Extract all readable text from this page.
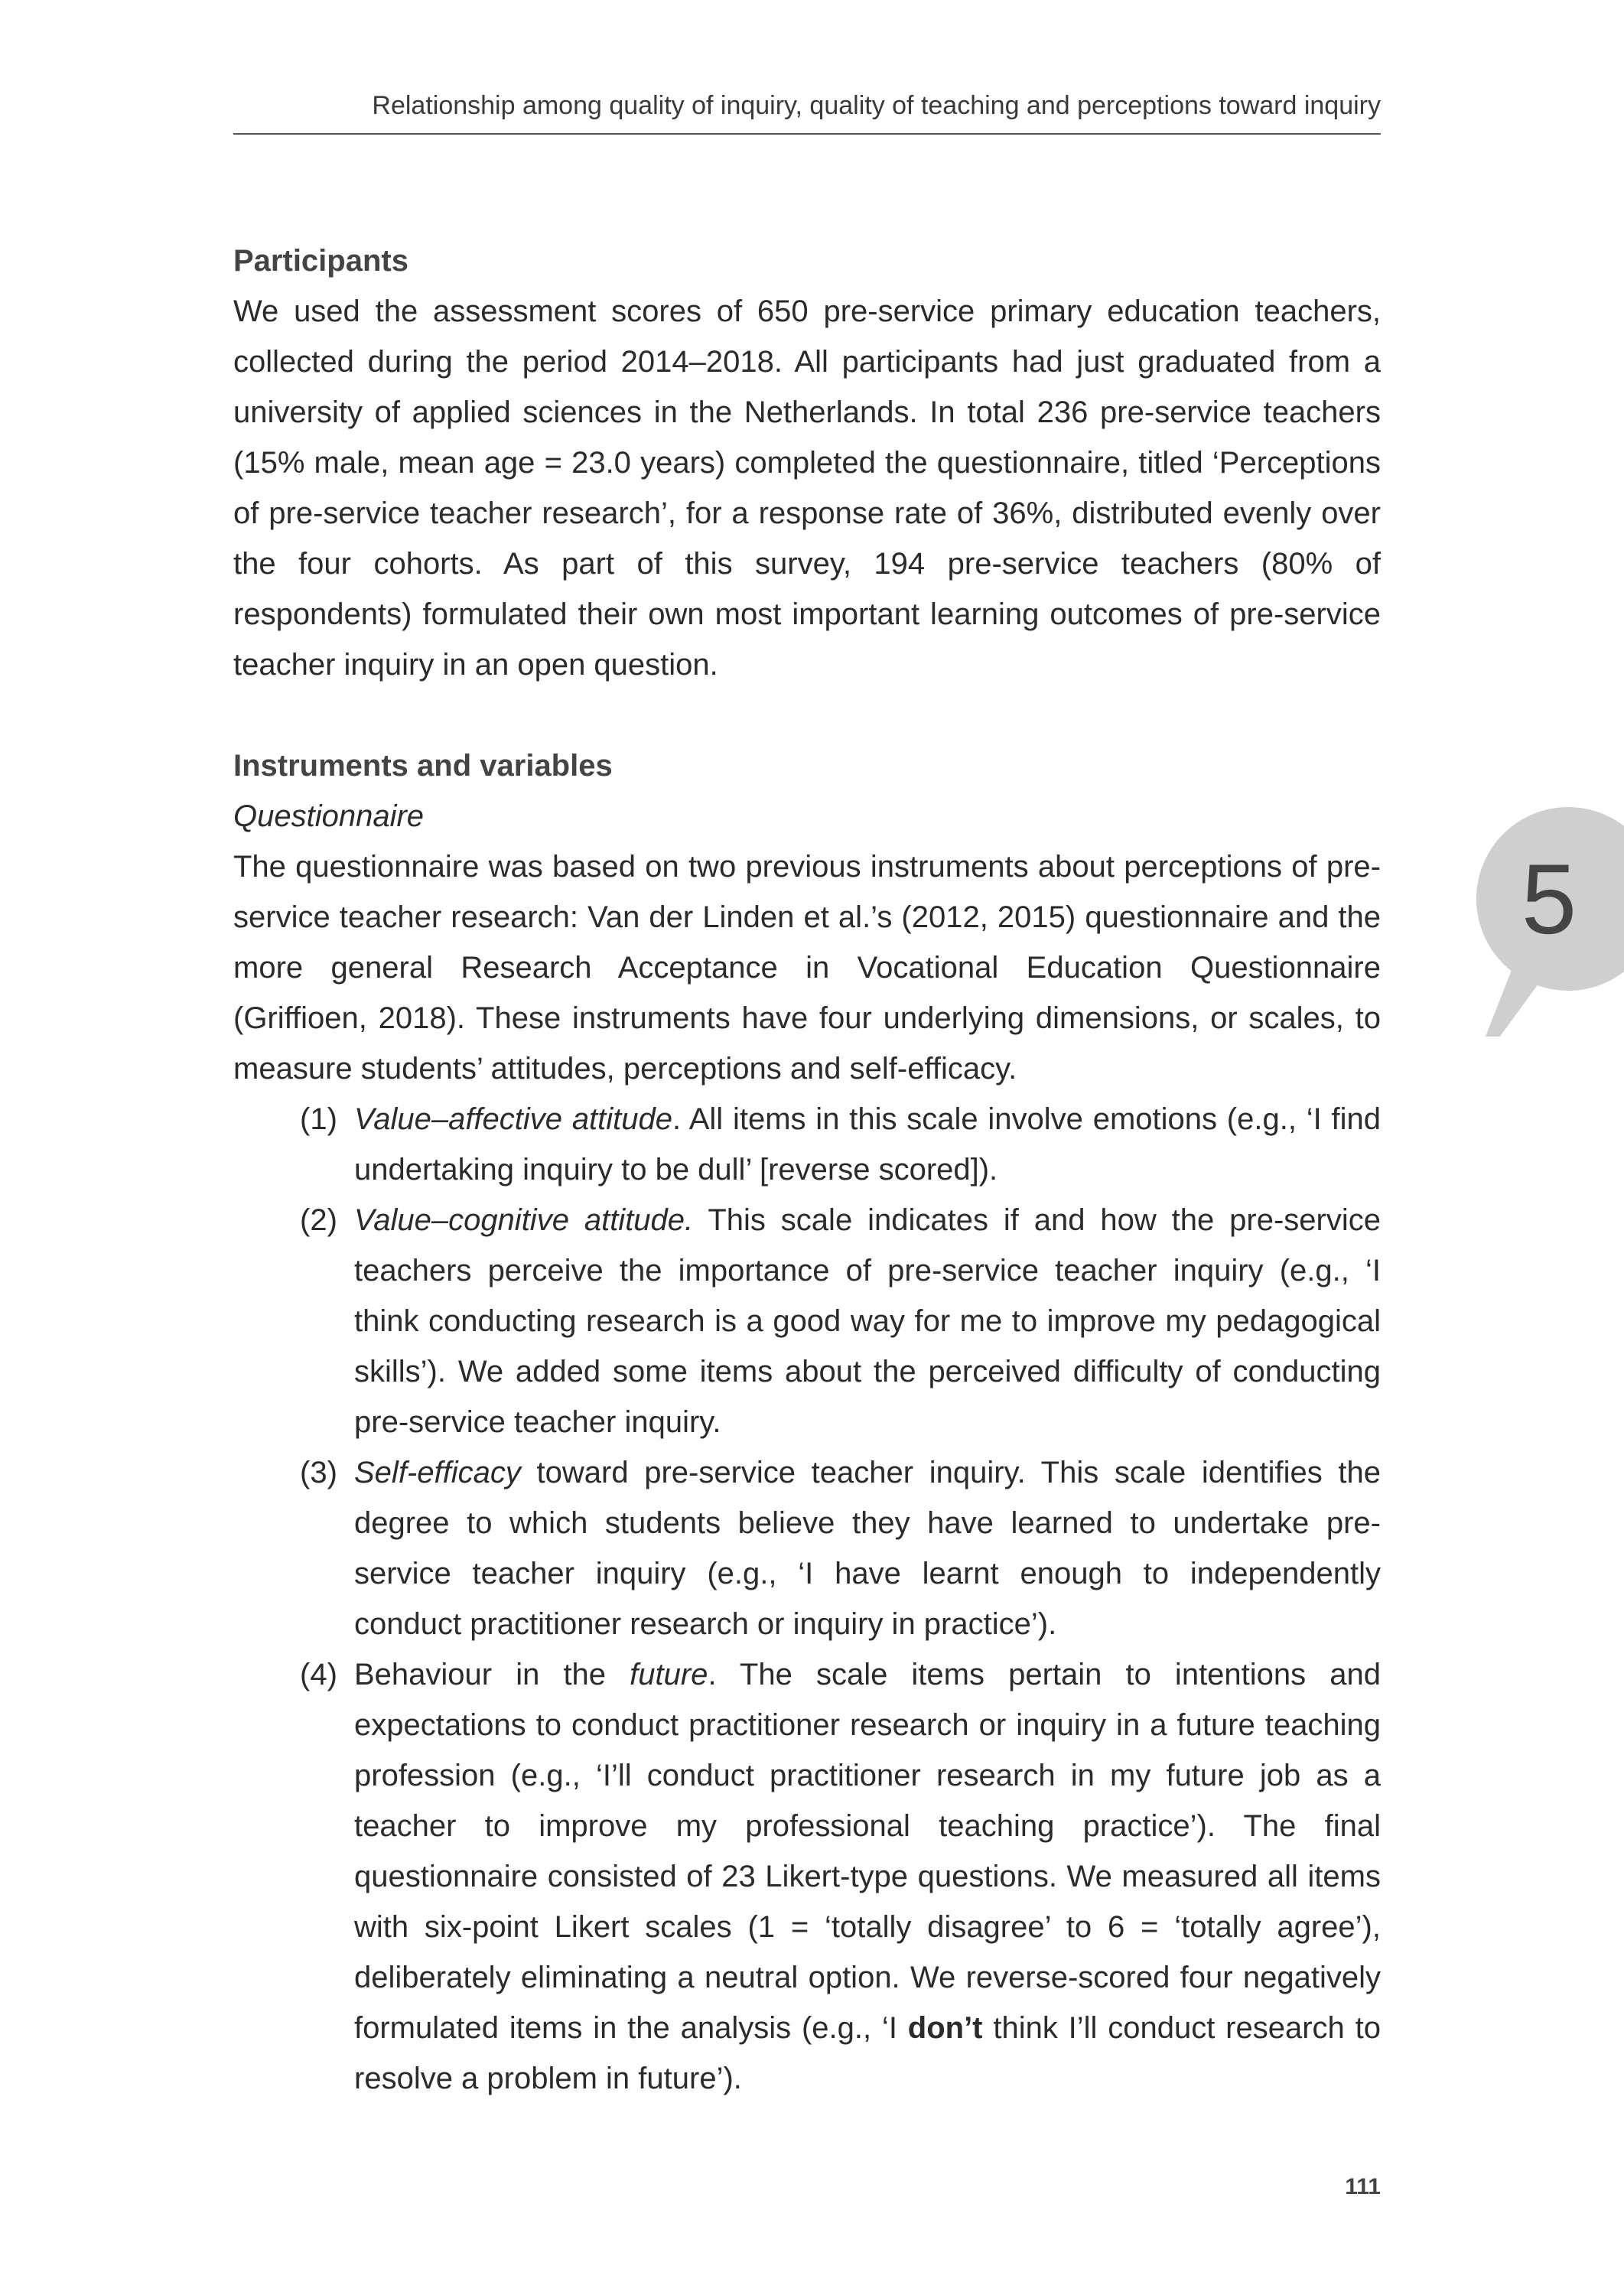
Relationship among quality of inquiry, quality of teaching and perceptions toward inquiry
Participants

We used the assessment scores of 650 pre-service primary education teachers, collected during the period 2014–2018. All participants had just graduated from a university of applied sciences in the Netherlands. In total 236 pre-service teachers (15% male, mean age = 23.0 years) completed the questionnaire, titled ‘Perceptions of pre-service teacher research’, for a response rate of 36%, distributed evenly over the four cohorts. As part of this survey, 194 pre-service teachers (80% of respondents) formulated their own most important learning outcomes of pre-service teacher inquiry in an open question.

Instruments and variables

Questionnaire

The questionnaire was based on two previous instruments about perceptions of pre-service teacher research: Van der Linden et al.’s (2012, 2015) questionnaire and the more general Research Acceptance in Vocational Education Questionnaire (Griffioen, 2018). These instruments have four underlying dimensions, or scales, to measure students’ attitudes, perceptions and self-efficacy.

(1) Value–affective attitude. All items in this scale involve emotions (e.g., ‘I find undertaking inquiry to be dull’ [reverse scored]).
(2) Value–cognitive attitude. This scale indicates if and how the pre-service teachers perceive the importance of pre-service teacher inquiry (e.g., ‘I think conducting research is a good way for me to improve my pedagogical skills’). We added some items about the perceived difficulty of conducting pre-service teacher inquiry.
(3) Self-efficacy toward pre-service teacher inquiry. This scale identifies the degree to which students believe they have learned to undertake pre-service teacher inquiry (e.g., ‘I have learnt enough to independently conduct practitioner research or inquiry in practice’).
(4) Behaviour in the future. The scale items pertain to intentions and expectations to conduct practitioner research or inquiry in a future teaching profession (e.g., ‘I’ll conduct practitioner research in my future job as a teacher to improve my professional teaching practice’). The final questionnaire consisted of 23 Likert-type questions. We measured all items with six-point Likert scales (1 = ‘totally disagree’ to 6 = ‘totally agree’), deliberately eliminating a neutral option. We reverse-scored four negatively formulated items in the analysis (e.g., ‘I don’t think I’ll conduct research to resolve a problem in future’).
5
111
